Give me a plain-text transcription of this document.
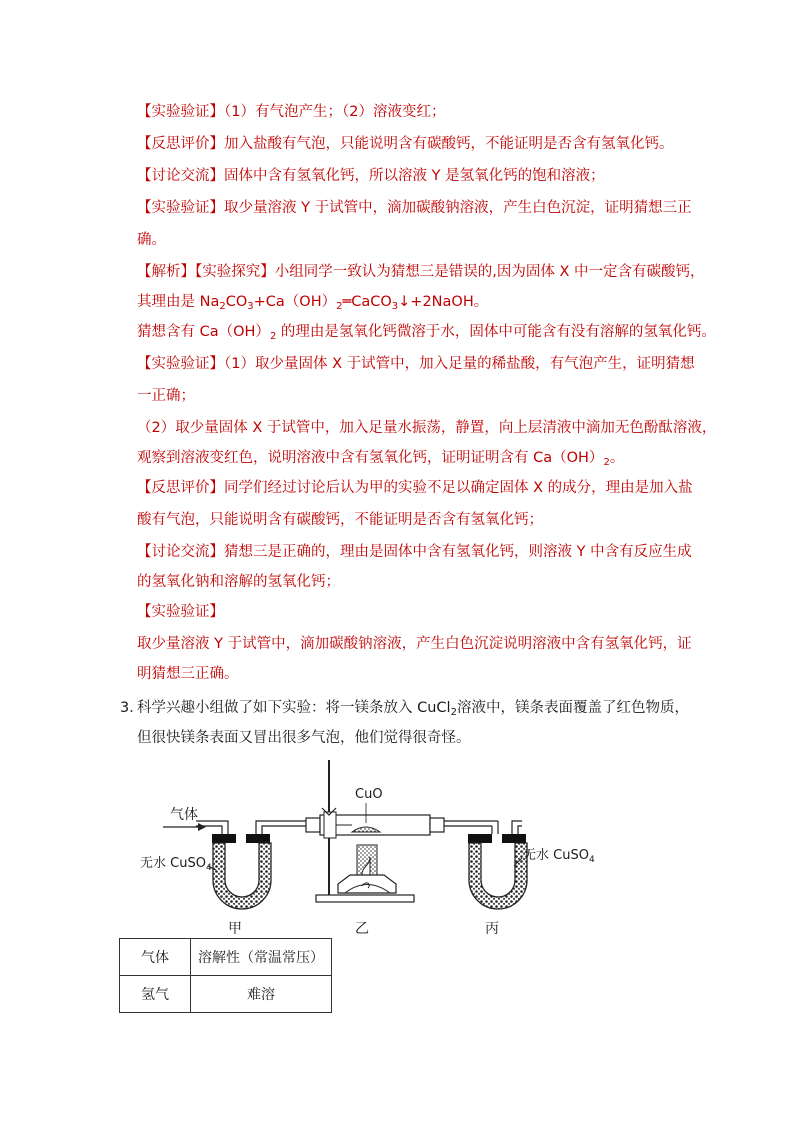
【实验验证】（1）有气泡产生；（2）溶液变红；
【反思评价】加入盐酸有气泡，只能说明含有碳酸钙，不能证明是否含有氢氧化钙。
【讨论交流】固体中含有氢氧化钙，所以溶液 Y 是氢氧化钙的饱和溶液；
【实验验证】取少量溶液 Y 于试管中，滴加碳酸钠溶液，产生白色沉淀，证明猜想三正
确。
【解析】【实验探究】小组同学一致认为猜想三是错误的,因为固体 X 中一定含有碳酸钙，
其理由是 $Na_2CO_3+Ca(OH)_2═CaCO_3↓+2NaOH$。
猜想含有 $Ca(OH)_2$ 的理由是氢氧化钙微溶于水，固体中可能含有没有溶解的氢氧化钙。
【实验验证】（1）取少量固体 X 于试管中，加入足量的稀盐酸，有气泡产生，证明猜想
一正确；
（2）取少量固体 X 于试管中，加入足量水振荡，静置，向上层清液中滴加无色酚酞溶液，
观察到溶液变红色，说明溶液中含有氢氧化钙，证明证明含有 $Ca(OH)_2$。
【反思评价】同学们经过讨论后认为甲的实验不足以确定固体 X 的成分，理由是加入盐
酸有气泡，只能说明含有碳酸钙，不能证明是否含有氢氧化钙；
【讨论交流】猜想三是正确的，理由是固体中含有氢氧化钙，则溶液 Y 中含有反应生成
的氢氧化钠和溶解的氢氧化钙；
【实验验证】
取少量溶液 Y 于试管中，滴加碳酸钠溶液，产生白色沉淀说明溶液中含有氢氧化钙，证
明猜想三正确。
3．
科学兴趣小组做了如下实验：将一镁条放入 CuCl$_2$溶液中，镁条表面覆盖了红色物质，
但很快镁条表面又冒出很多气泡，他们觉得很奇怪。
气体
无水 CuSO$_4$
CuO
无水 CuSO$_4$
甲	乙	丙
气体	溶解性（常温常压）
氢气	难溶
